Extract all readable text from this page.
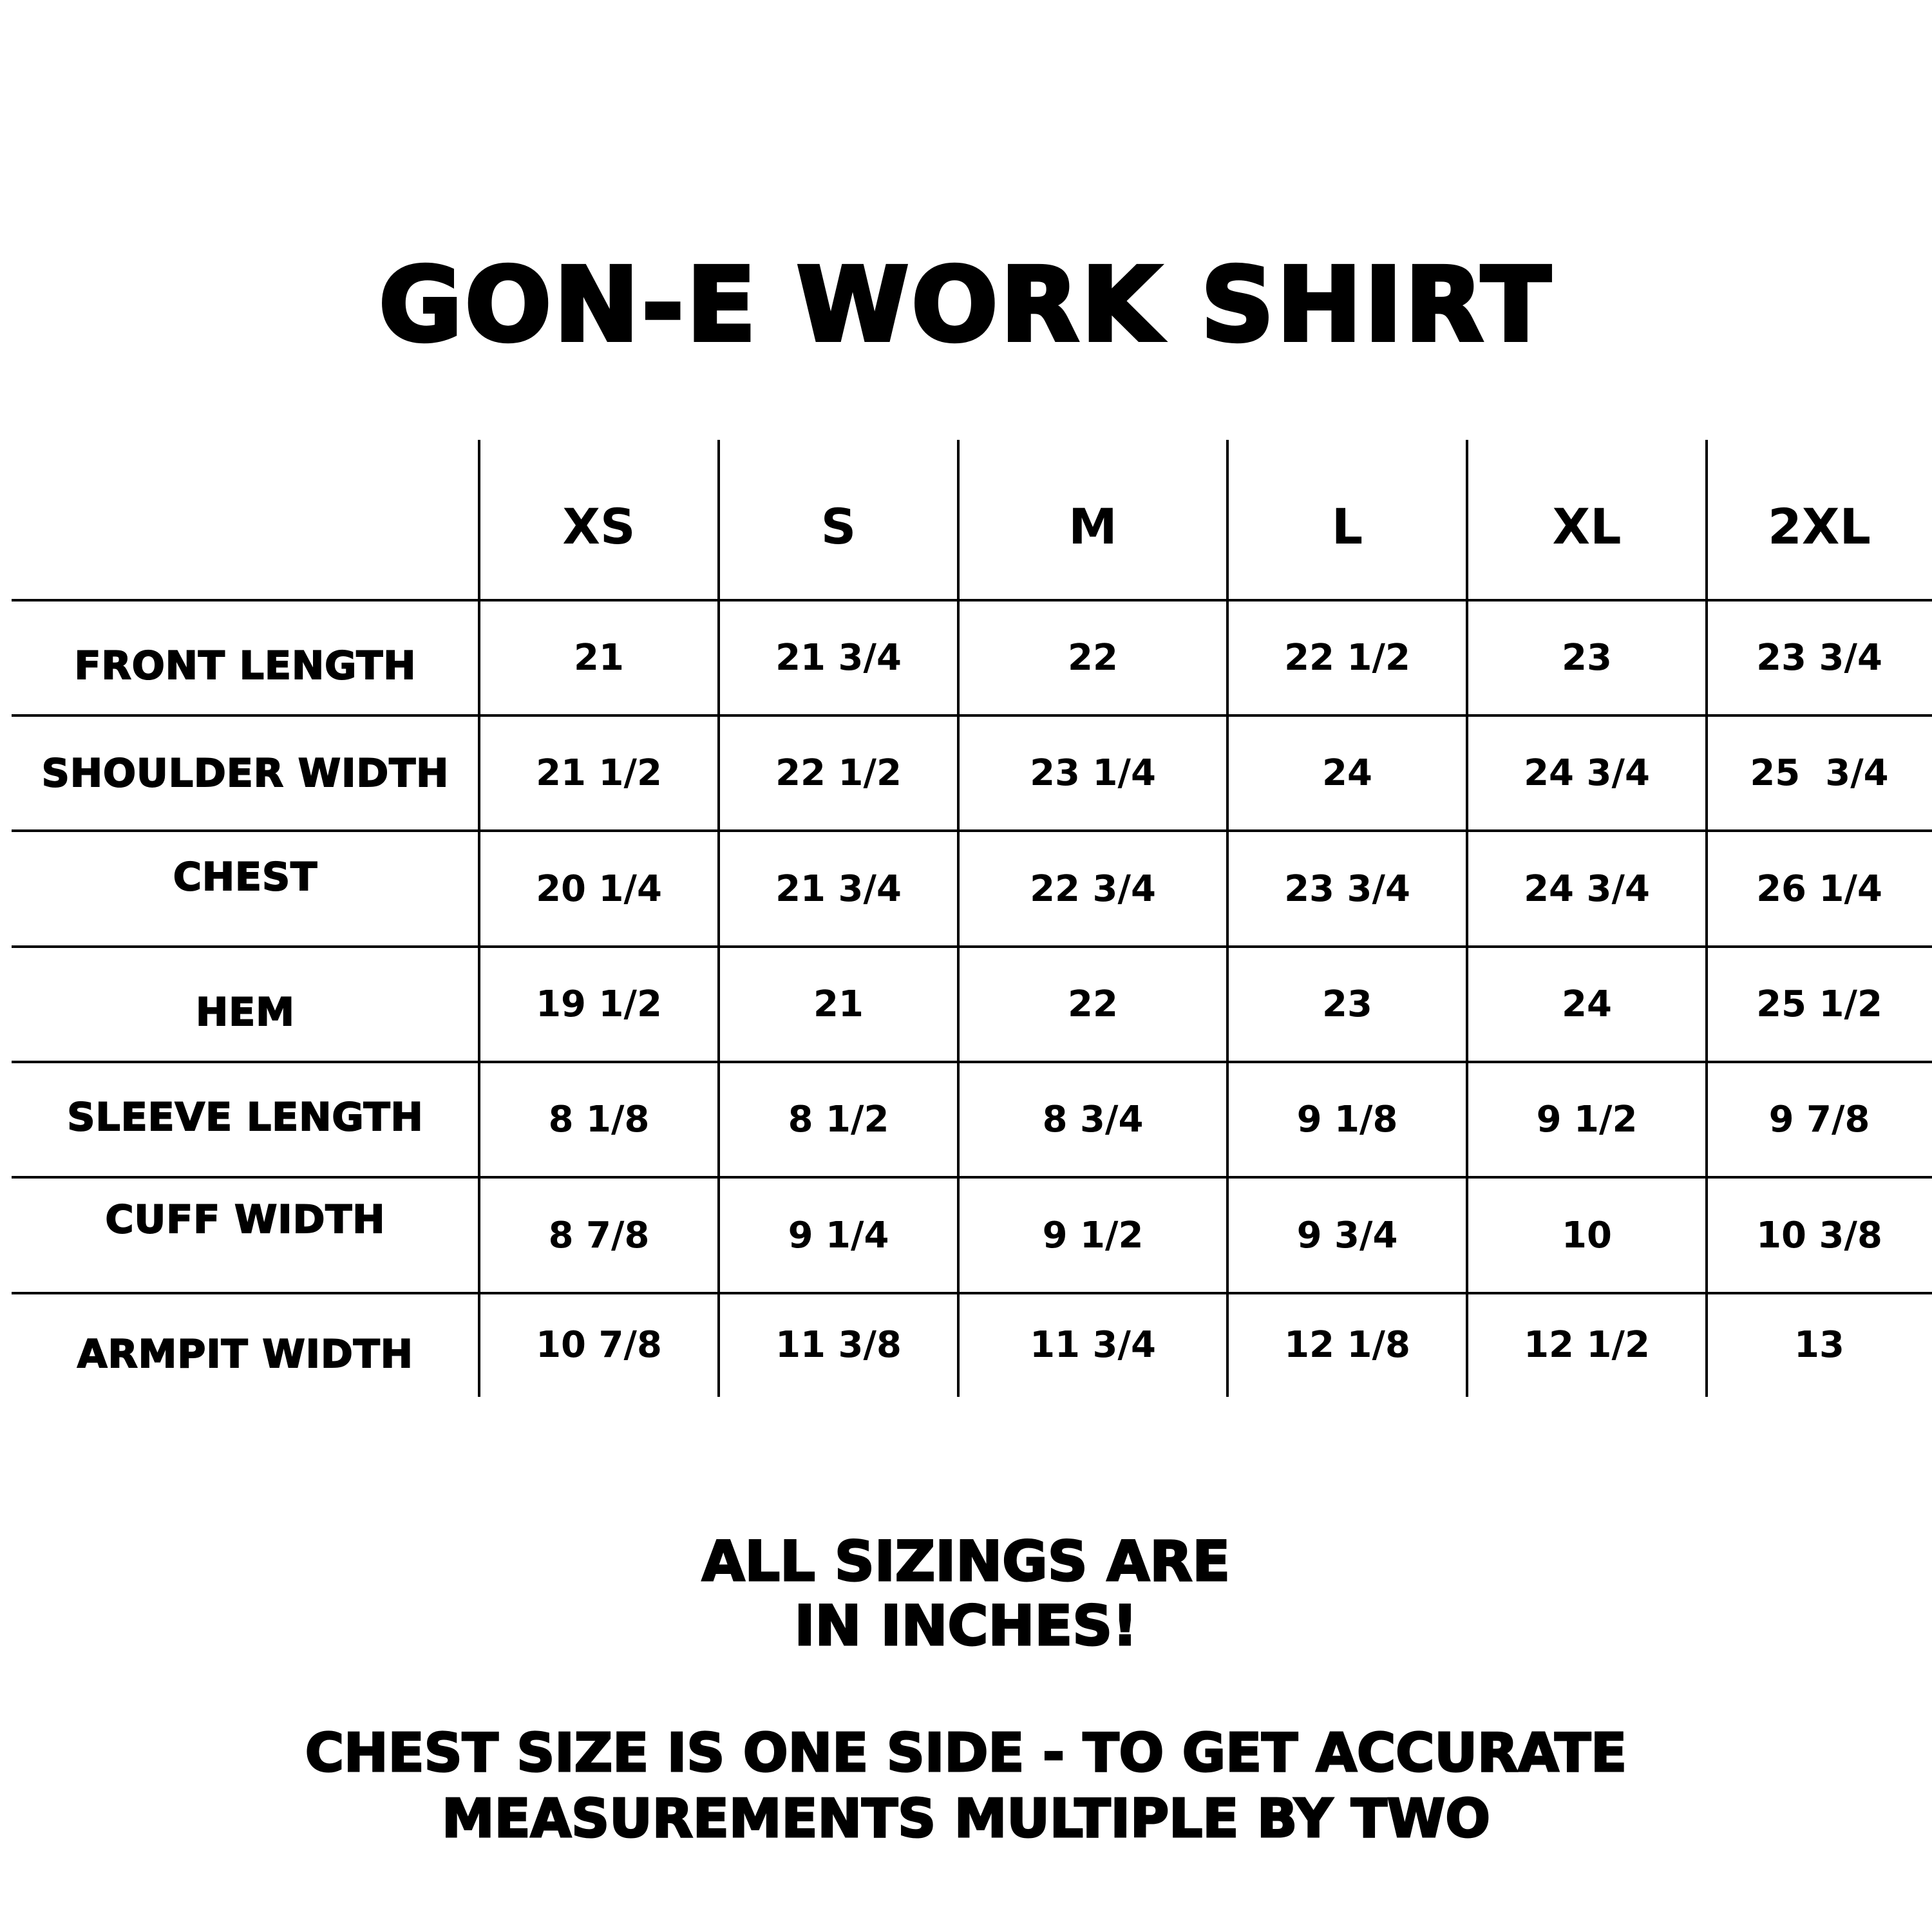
GON-E WORK SHIRT
XS	S	M	L	XL	2XL
FRONT LENGTH	21	21 3/4	22	22 1/2	23	23 3/4
SHOULDER WIDTH	21 1/2	22 1/2	23 1/4	24	24 3/4	25  3/4
CHEST	20 1/4	21 3/4	22 3/4	23 3/4	24 3/4	26 1/4
HEM	19 1/2	21	22	23	24	25 1/2
SLEEVE LENGTH	8 1/8	8 1/2	8 3/4	9 1/8	9 1/2	9 7/8
CUFF WIDTH	8 7/8	9 1/4	9 1/2	9 3/4	10	10 3/8
ARMPIT WIDTH	10 7/8	11 3/8	11 3/4	12 1/8	12 1/2	13
ALL SIZINGS ARE
IN INCHES!
CHEST SIZE IS ONE SIDE - TO GET ACCURATE
MEASUREMENTS MULTIPLE BY TWO
